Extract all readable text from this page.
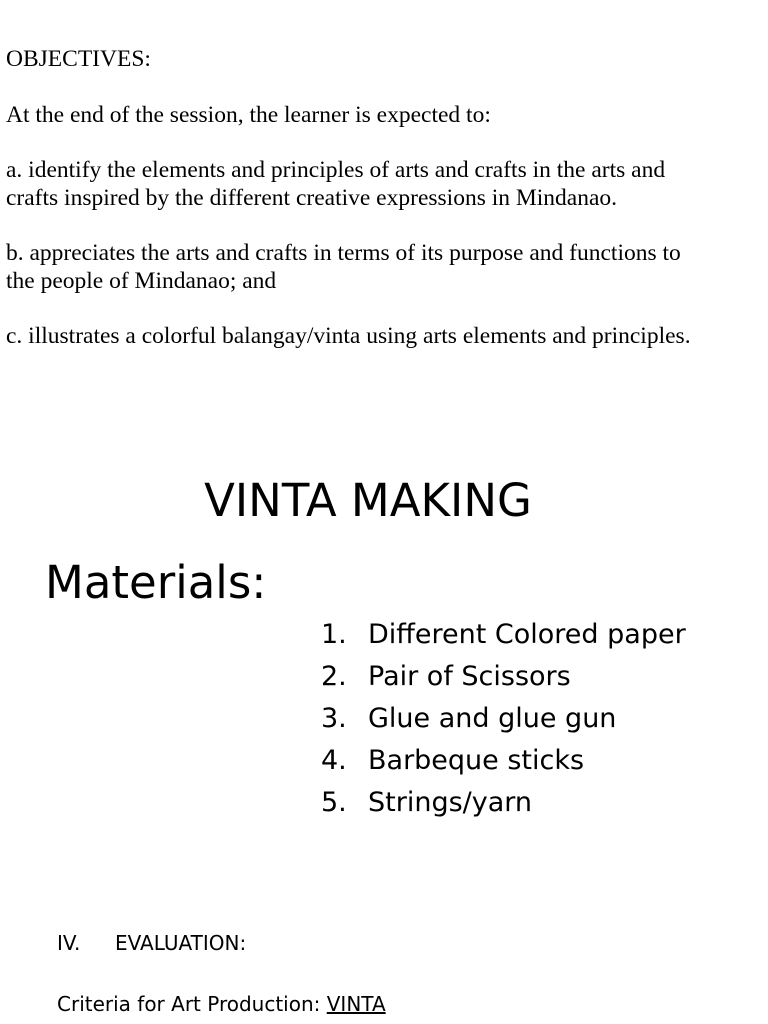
OBJECTIVES:

At the end of the session, the learner is expected to:

a. identify the elements and principles of arts and crafts in the arts and
crafts inspired by the different creative expressions in Mindanao.
b. appreciates the arts and crafts in terms of its purpose and functions to
the people of Mindanao; and
c. illustrates a colorful balangay/vinta using arts elements and principles.
VINTA MAKING
Materials:
1. Different Colored paper
2. Pair of Scissors
3. Glue and glue gun
4. Barbeque sticks
5. Strings/yarn
IV. EVALUATION:
Criteria for Art Production: VINTA
